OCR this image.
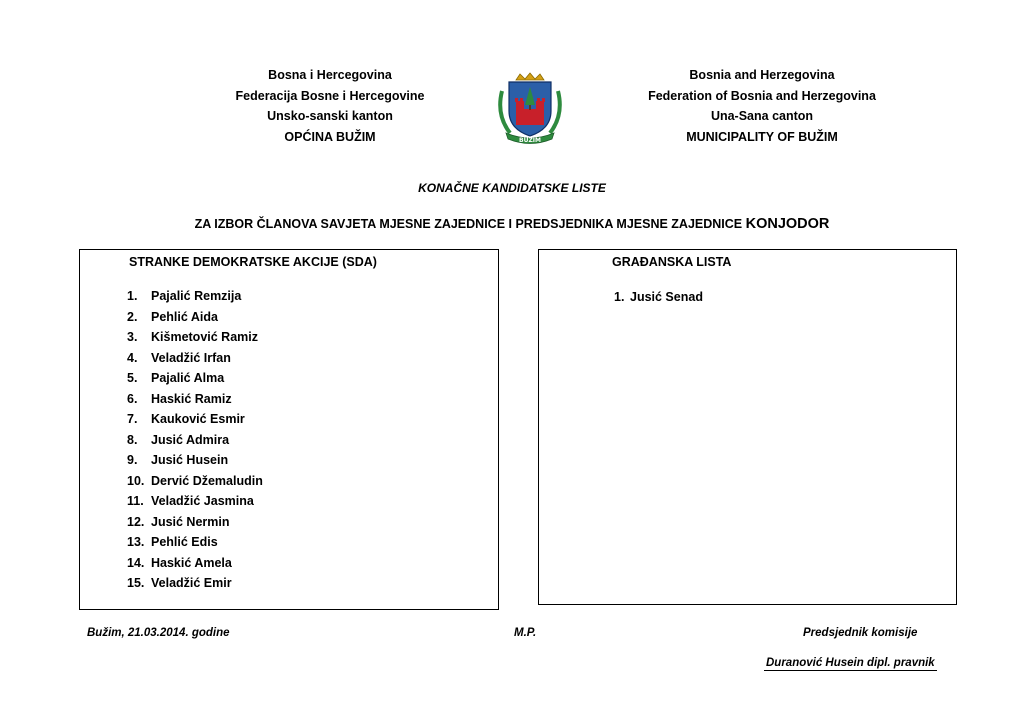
Bosna i Hercegovina
Federacija Bosne i Hercegovine
Unsko-sanski kanton
OPĆINA BUŽIM	BUŽIM
Bosnia and Herzegovina
Federation of Bosnia and Herzegovina
Una-Sana canton
MUNICIPALITY OF BUŽIM
KONAČNE KANDIDATSKE LISTE
ZA IZBOR ČLANOVA SAVJETA MJESNE ZAJEDNICE I PREDSJEDNIKA MJESNE ZAJEDNICE KONJODOR
STRANKE DEMOKRATSKE AKCIJE (SDA)
1. Pajalić Remzija
2. Pehlić Aida
3. Kišmetović Ramiz
4. Veladžić Irfan
5. Pajalić Alma
6. Haskić Ramiz
7. Kauković Esmir
8. Jusić Admira
9. Jusić Husein
10. Dervić Džemaludin
11. Veladžić Jasmina
12. Jusić Nermin
13. Pehlić Edis
14. Haskić Amela
15. Veladžić Emir
GRAĐANSKA LISTA
1. Jusić Senad
Bužim, 21.03.2014. godine	M.P.	Predsjednik komisije
Duranović Husein dipl. pravnik
